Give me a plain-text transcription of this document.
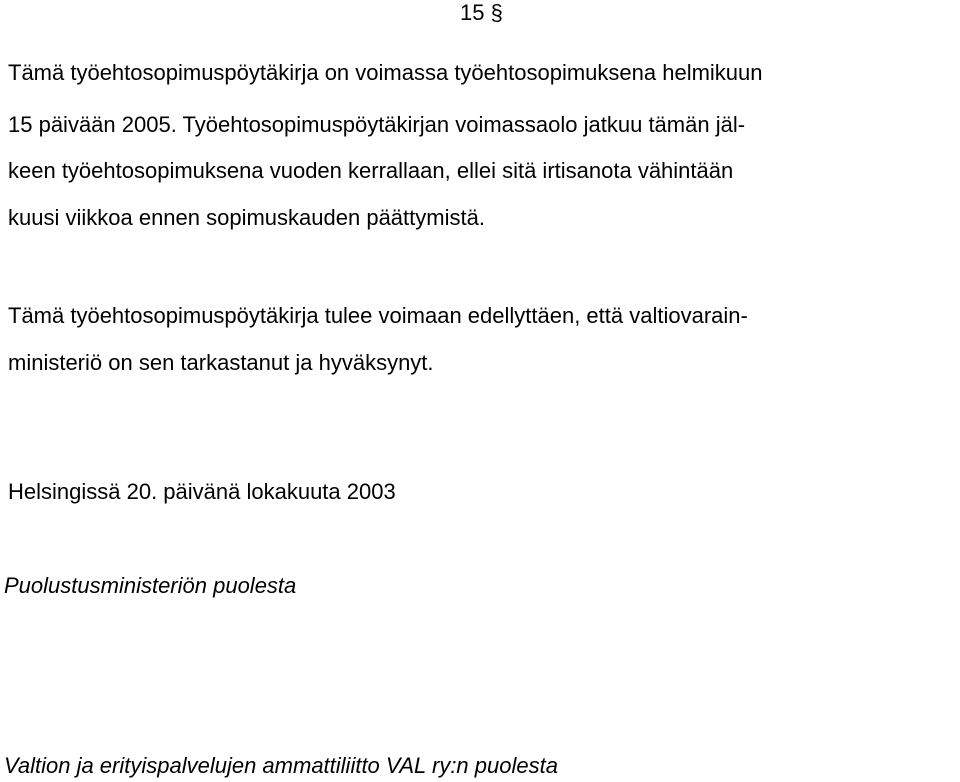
15 §

Tämä työehtosopimuspöytäkirja on voimassa työehtosopimuksena helmikuun

15 päivään 2005. Työehtosopimuspöytäkirjan voimassaolo jatkuu tämän jäl-

keen työehtosopimuksena vuoden kerrallaan, ellei sitä irtisanota vähintään

kuusi viikkoa ennen sopimuskauden päättymistä.

Tämä työehtosopimuspöytäkirja tulee voimaan edellyttäen, että valtiovarain-

ministeriö on sen tarkastanut ja hyväksynyt.

Helsingissä 20. päivänä lokakuuta 2003

Puolustusministeriön puolesta

Valtion ja erityispalvelujen ammattiliitto VAL ry:n puolesta
